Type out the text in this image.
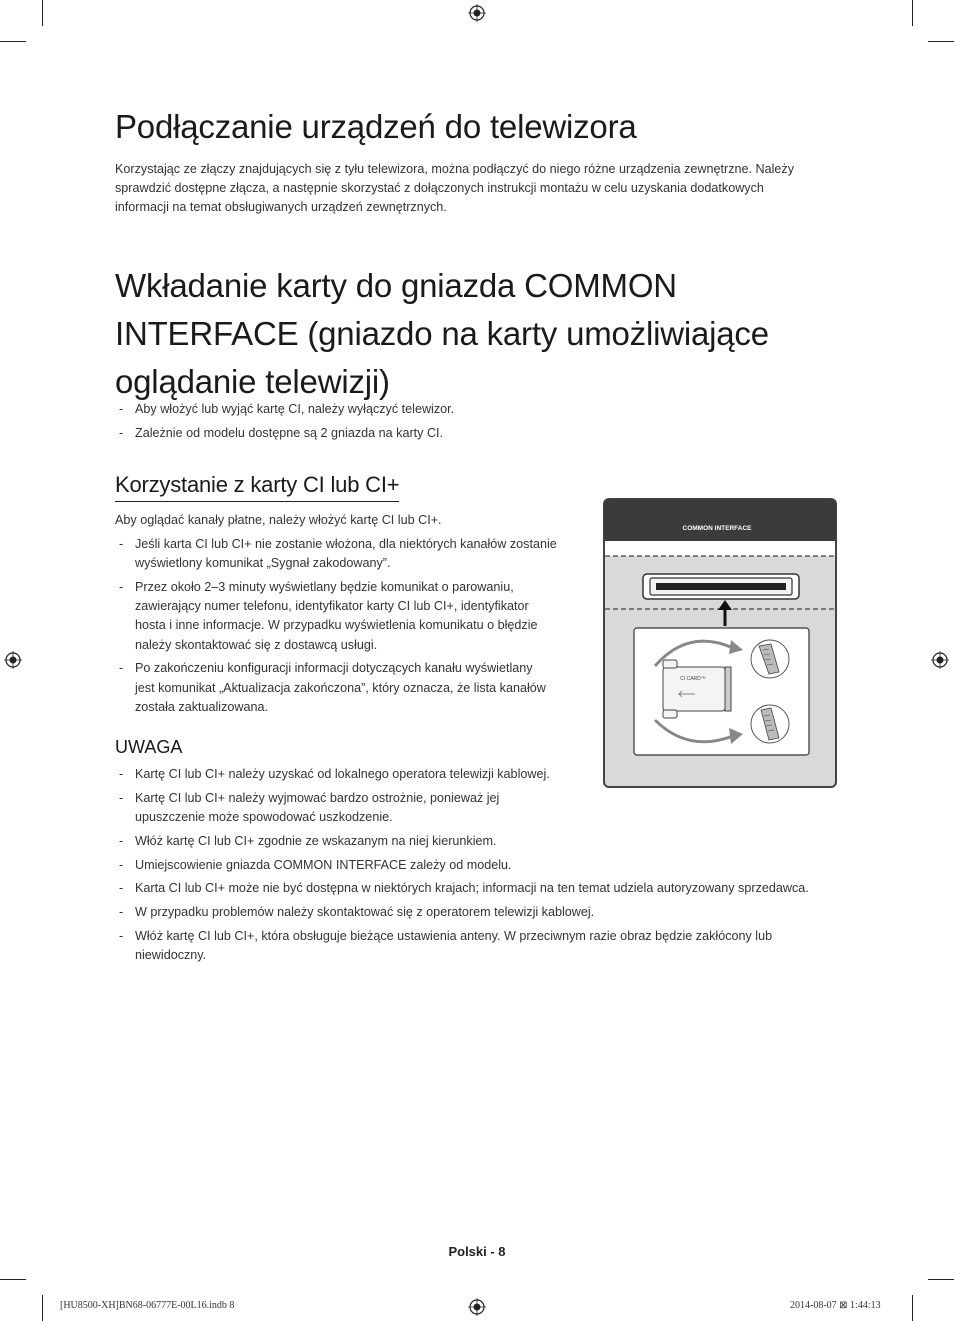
Podłączanie urządzeń do telewizora
Korzystając ze złączy znajdujących się z tyłu telewizora, można podłączyć do niego różne urządzenia zewnętrzne. Należy
sprawdzić dostępne złącza, a następnie skorzystać z dołączonych instrukcji montażu w celu uzyskania dodatkowych
informacji na temat obsługiwanych urządzeń zewnętrznych.
Wkładanie karty do gniazda COMMON
INTERFACE (gniazdo na karty umożliwiające
oglądanie telewizji)
- Aby włożyć lub wyjąć kartę CI, należy wyłączyć telewizor.
- Zależnie od modelu dostępne są 2 gniazda na karty CI.
Korzystanie z karty CI lub CI+
Aby oglądać kanały płatne, należy włożyć kartę CI lub CI+.
- Jeśli karta CI lub CI+ nie zostanie włożona, dla niektórych kanałów zostanie
wyświetlony komunikat „Sygnał zakodowany”.
- Przez około 2–3 minuty wyświetlany będzie komunikat o parowaniu,
zawierający numer telefonu, identyfikator karty CI lub CI+, identyfikator
hosta i inne informacje. W przypadku wyświetlenia komunikatu o błędzie
należy skontaktować się z dostawcą usługi.
- Po zakończeniu konfiguracji informacji dotyczących kanału wyświetlany
jest komunikat „Aktualizacja zakończona”, który oznacza, że lista kanałów
została zaktualizowana.
UWAGA
- Kartę CI lub CI+ należy uzyskać od lokalnego operatora telewizji kablowej.
- Kartę CI lub CI+ należy wyjmować bardzo ostrożnie, ponieważ jej
upuszczenie może spowodować uszkodzenie.
- Włóż kartę CI lub CI+ zgodnie ze wskazanym na niej kierunkiem.
- Umiejscowienie gniazda COMMON INTERFACE zależy od modelu.
- Karta CI lub CI+ może nie być dostępna w niektórych krajach; informacji na ten temat udziela autoryzowany sprzedawca.
- W przypadku problemów należy skontaktować się z operatorem telewizji kablowej.
- Włóż kartę CI lub CI+, która obsługuje bieżące ustawienia anteny. W przeciwnym razie obraz będzie zakłócony lub
niewidoczny.
COMMON INTERFACE
CI CARD™
Polski - 8
[HU8500-XH]BN68-06777E-00L16.indb 8	2014-08-07 ⊠ 1:44:13
